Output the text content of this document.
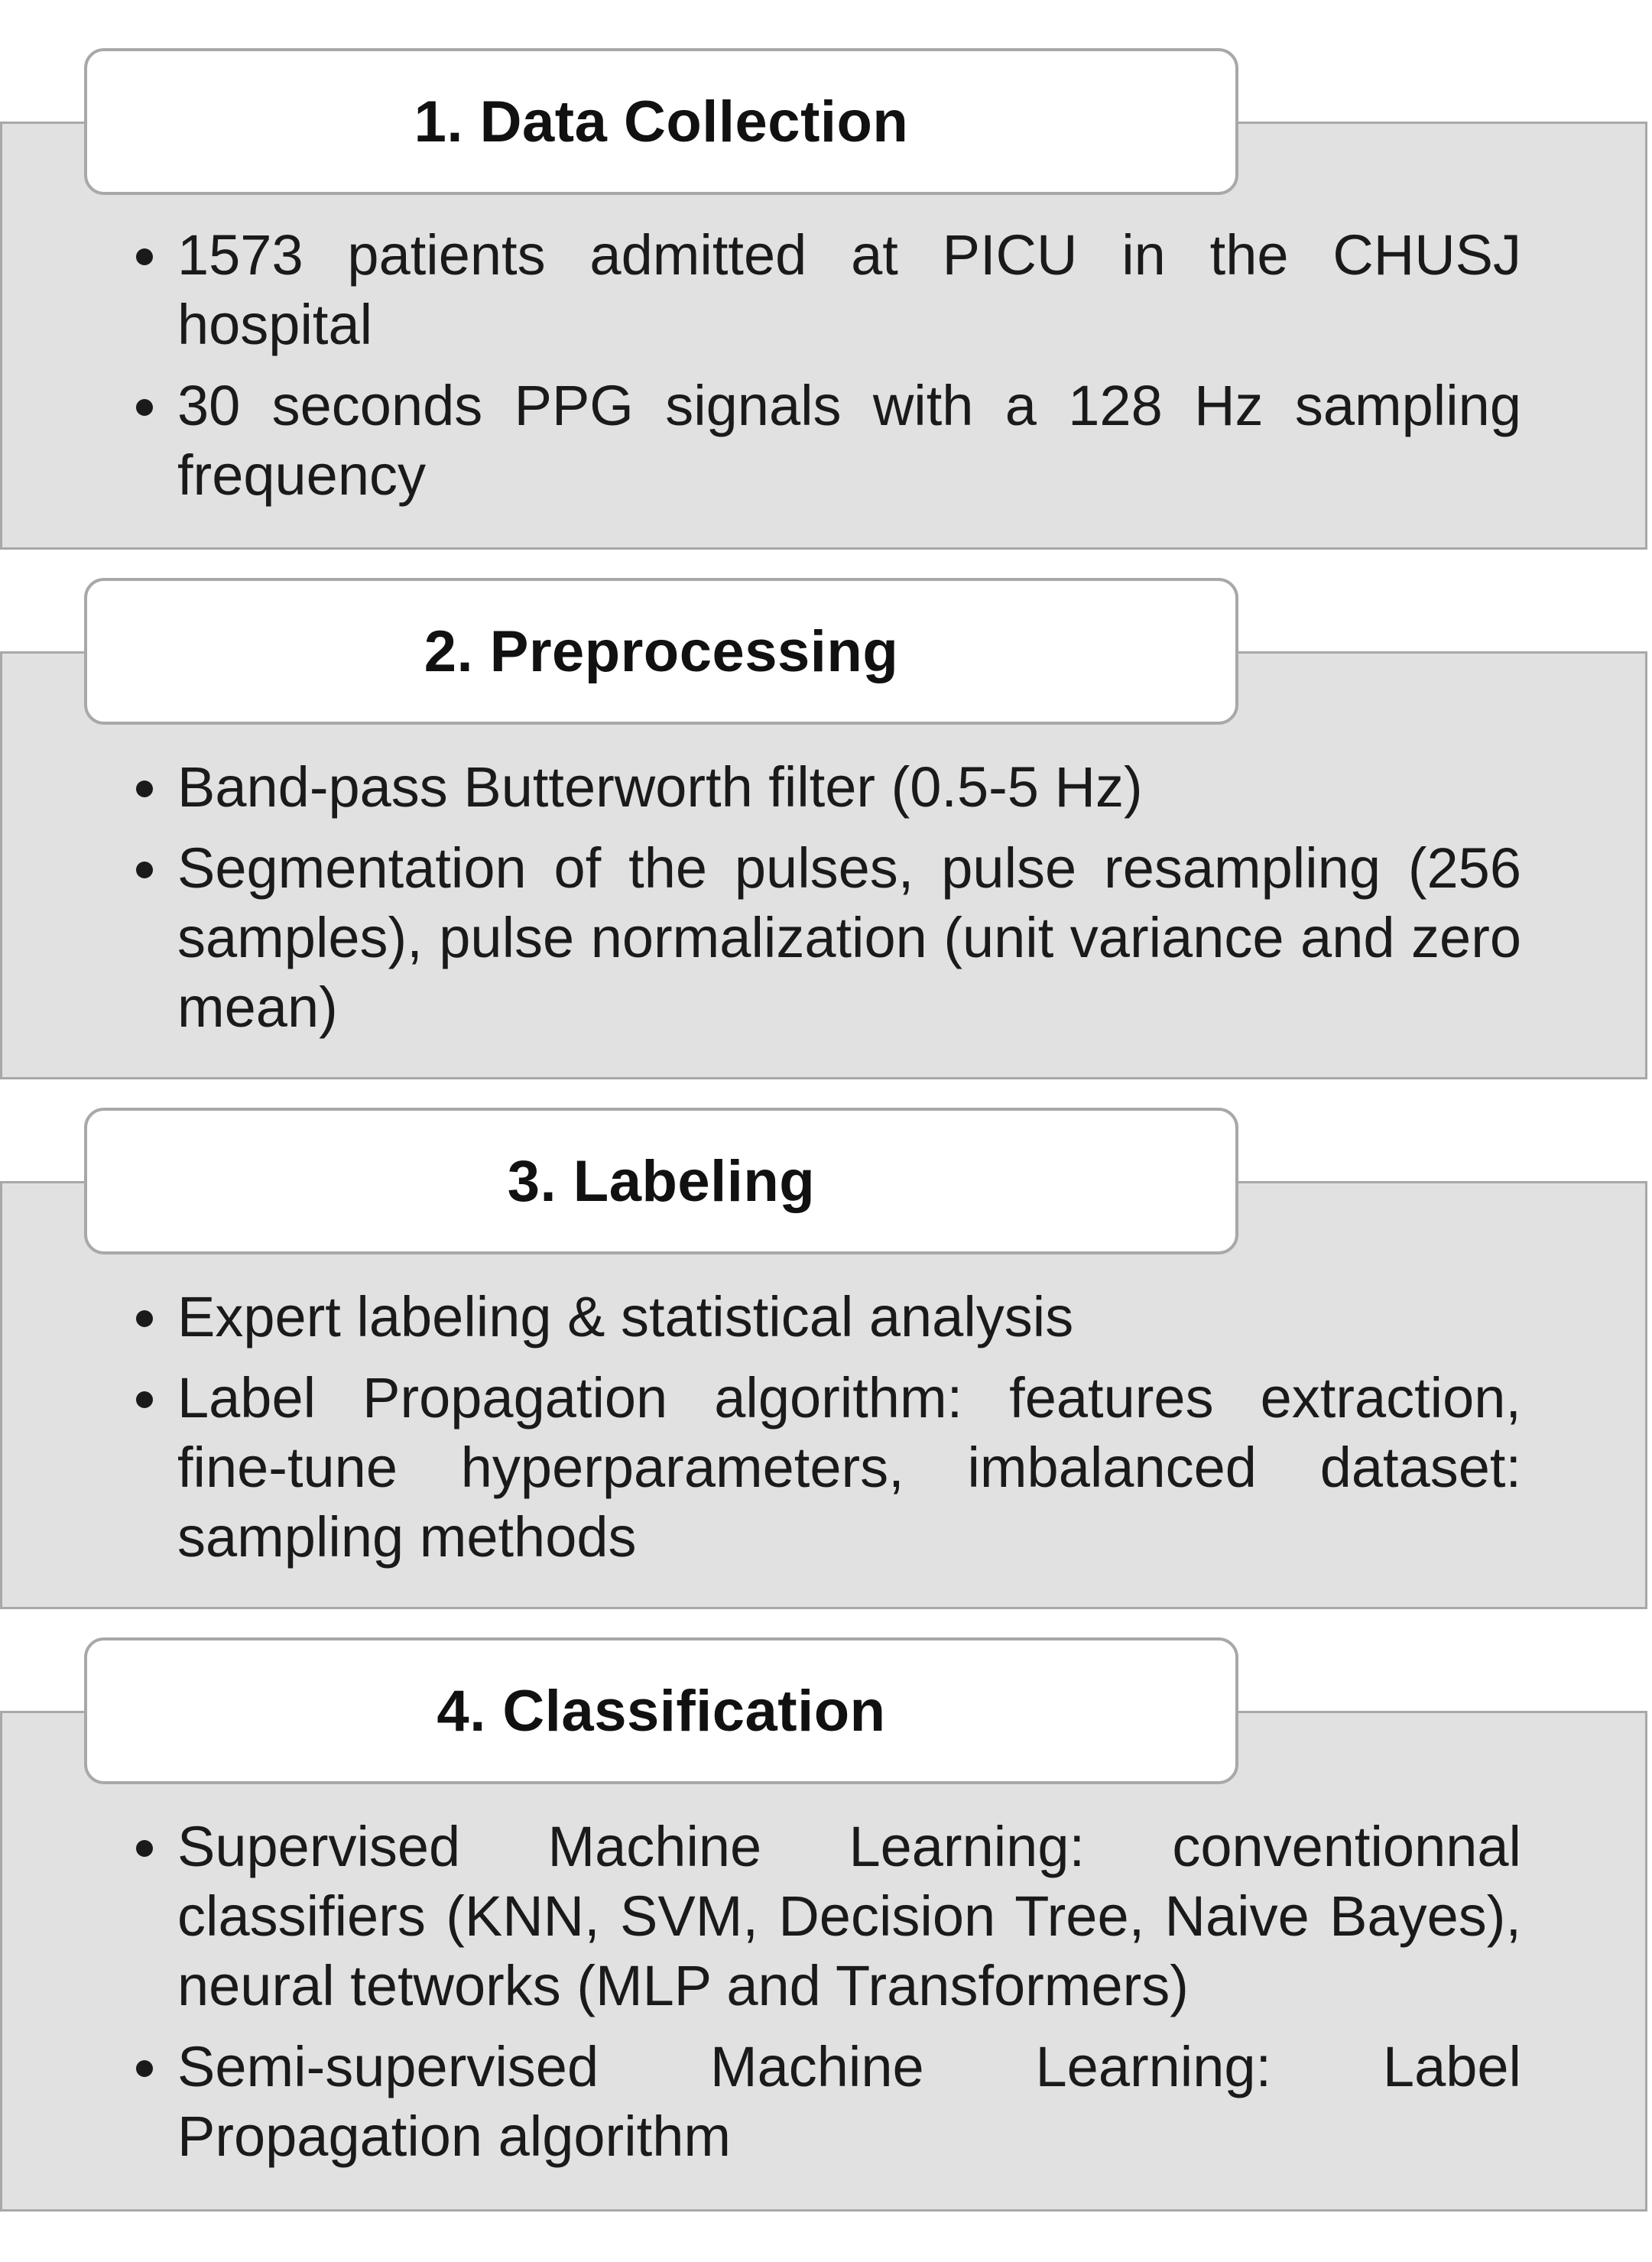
1. Data Collection
1573 patients admitted at PICU in the CHUSJ hospital
30 seconds PPG signals with a 128 Hz sampling frequency
2. Preprocessing
Band-pass Butterworth filter (0.5-5 Hz)
Segmentation of the pulses, pulse resampling (256 samples), pulse normalization (unit variance and zero mean)
3. Labeling
Expert labeling & statistical analysis
Label Propagation algorithm: features extraction, fine-tune hyperparameters, imbalanced dataset: sampling methods
4. Classification
Supervised Machine Learning: conventionnal classifiers (KNN, SVM, Decision Tree, Naive Bayes), neural tetworks (MLP and Transformers)
Semi-supervised Machine Learning: Label Propagation algorithm
